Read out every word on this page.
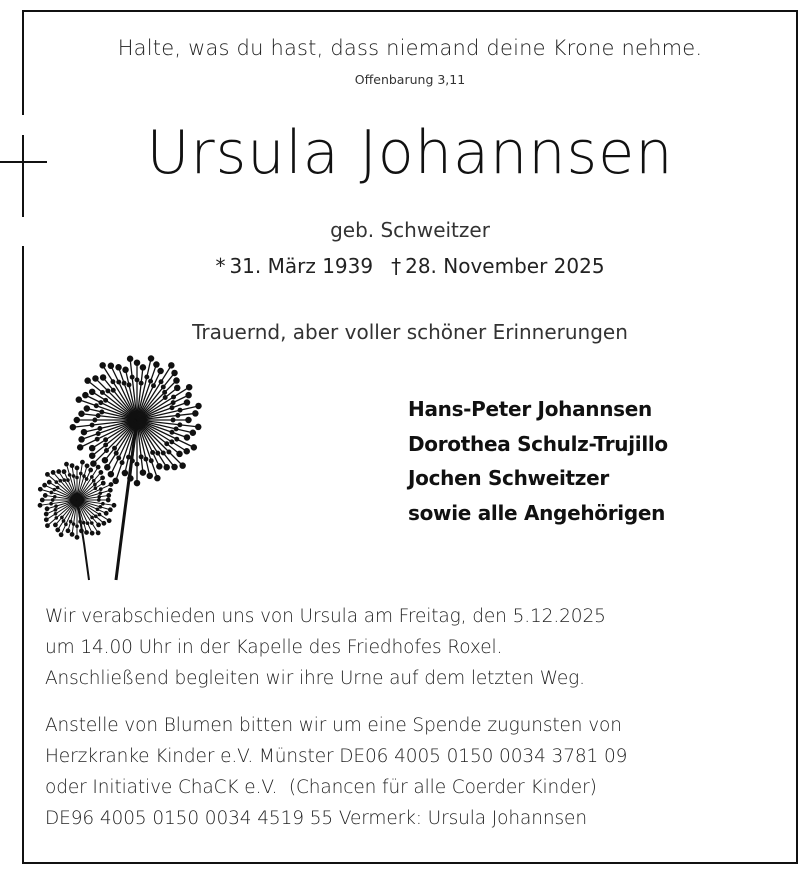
Halte, was du hast, dass niemand deine Krone nehme.
Offenbarung 3,11
Ursula Johannsen
geb. Schweitzer
* 31. März 1939 † 28. November 2025
Trauernd, aber voller schöner Erinnerungen
Hans-Peter Johannsen
Dorothea Schulz-Trujillo
Jochen Schweitzer
sowie alle Angehörigen
Wir verabschieden uns von Ursula am Freitag, den 5.12.2025
um 14.00 Uhr in der Kapelle des Friedhofes Roxel.
Anschließend begleiten wir ihre Urne auf dem letzten Weg.
Anstelle von Blumen bitten wir um eine Spende zugunsten von
Herzkranke Kinder e.V. Münster DE06 4005 0150 0034 3781 09
oder Initiative ChaCK e.V.  (Chancen für alle Coerder Kinder)
DE96 4005 0150 0034 4519 55 Vermerk: Ursula Johannsen
